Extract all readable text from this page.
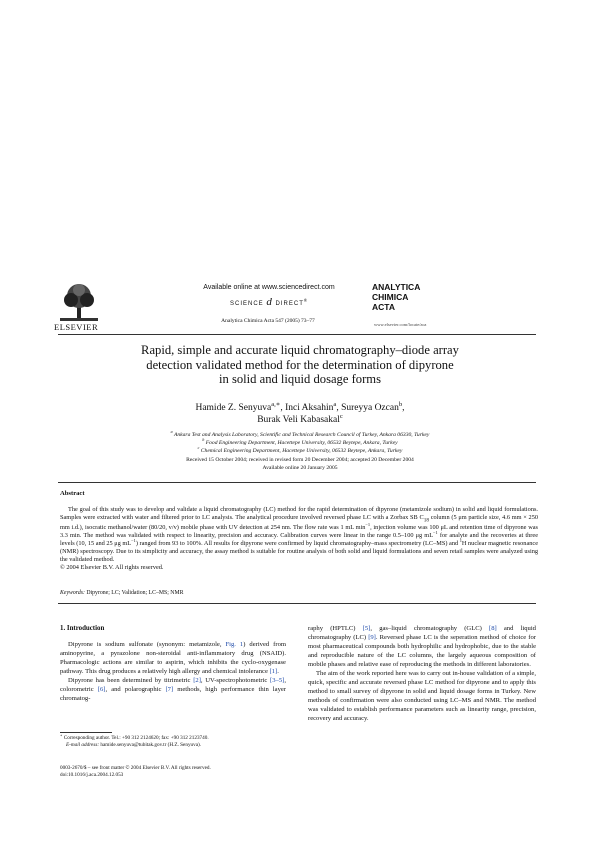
ELSEVIER
Available online at www.sciencedirect.com
SCIENCE d DIRECT®
Analytica Chimica Acta 547 (2005) 73–77
ANALYTICA
CHIMICA
ACTA
www.elsevier.com/locate/aca
Rapid, simple and accurate liquid chromatography–diode array
detection validated method for the determination of dipyrone
in solid and liquid dosage forms
Hamide Z. Senyuva$^{a,∗}$, Inci Aksahin$^a$, Sureyya Ozcan$^b$,
Burak Veli Kabasakal$^c$
$^a$ Ankara Test and Analysis Laboratory, Scientific and Technical Research Council of Turkey, Ankara 06330, Turkey
$^b$ Food Engineering Department, Hacettepe University, 06532 Beytepe, Ankara, Turkey
$^c$ Chemical Engineering Department, Hacettepe University, 06532 Beytepe, Ankara, Turkey
Received 15 October 2004; received in revised form 20 December 2004; accepted 20 December 2004
Available online 20 January 2005
Abstract
The goal of this study was to develop and validate a liquid chromatography (LC) method for the rapid determination of dipyrone (metamizole sodium) in solid and liquid formulations. Samples were extracted with water and filtered prior to LC analysis. The analytical procedure involved reversed phase LC with a Zorbax SB $C_{18}$ column (5 μm particle size, 4.6 mm × 250 mm i.d.), isocratic methanol/water (80/20, v/v) mobile phase with UV detection at 254 nm. The flow rate was 1 mL $\min^{-1}$, injection volume was 100 μL and retention time of dipyrone was 3.3 min. The method was validated with respect to linearity, precision and accuracy. Calibration curves were linear in the range 0.5–100 μg $mL^{-1}$ for analyte and the recoveries at three levels (10, 15 and 25 μg $mL^{-1}$) ranged from 93 to 100%. All results for dipyrone were confirmed by liquid chromatography–mass spectrometry (LC–MS) and $^1$H nuclear magnetic resonance (NMR) spectroscopy. Due to its simplicity and accuracy, the assay method is suitable for routine analysis of both solid and liquid formulations and seven retail samples were analyzed using the validated method.
© 2004 Elsevier B.V. All rights reserved.
Keywords: Dipyrone; LC; Validation; LC–MS; NMR
1. Introduction

Dipyrone is sodium sulfonate (synonym: metamizole, Fig. 1) derived from aminopyrine, a pyrazolone non-steroidal anti-inflammatory drug (NSAID). Pharmacologic actions are similar to aspirin, which inhibits the cyclo-oxygenase pathway. This drug produces a relatively high allergy and chemical intolerance [1].

Dipyrone has been determined by titrimetric [2], UV-spectrophotometric [3–5], colorometric [6], and polarographic [7] methods, high performance thin layer chromatog-

raphy (HPTLC) [5], gas–liquid chromatography (GLC) [8] and liquid chromatography (LC) [9]. Reversed phase LC is the seperation method of choice for most pharmaceutical compounds both hydrophilic and hydrophobic, due to the stable and reproducible nature of the LC columns, the largely aqueous composition of mobile phases and relative ease of reproducing the methods in different laboratories.

The aim of the work reported here was to carry out in-house validation of a simple, quick, specific and accurate reversed phase LC method for dipyrone and to apply this method to small survey of dipyrone in solid and liquid dosage forms in Turkey. New methods of confirmation were also conducted using LC–MS and NMR. The method was validated to establish performance parameters such as linearity range, precision, recovery and accuracy.

∗ Corresponding author. Tel.: +90 312 2124620; fax: +90 312 2123740.
E-mail address: hamide.senyuva@tubitak.gov.tr (H.Z. Senyuva).
0003-2670/$ – see front matter © 2004 Elsevier B.V. All rights reserved.
doi:10.1016/j.aca.2004.12.053
